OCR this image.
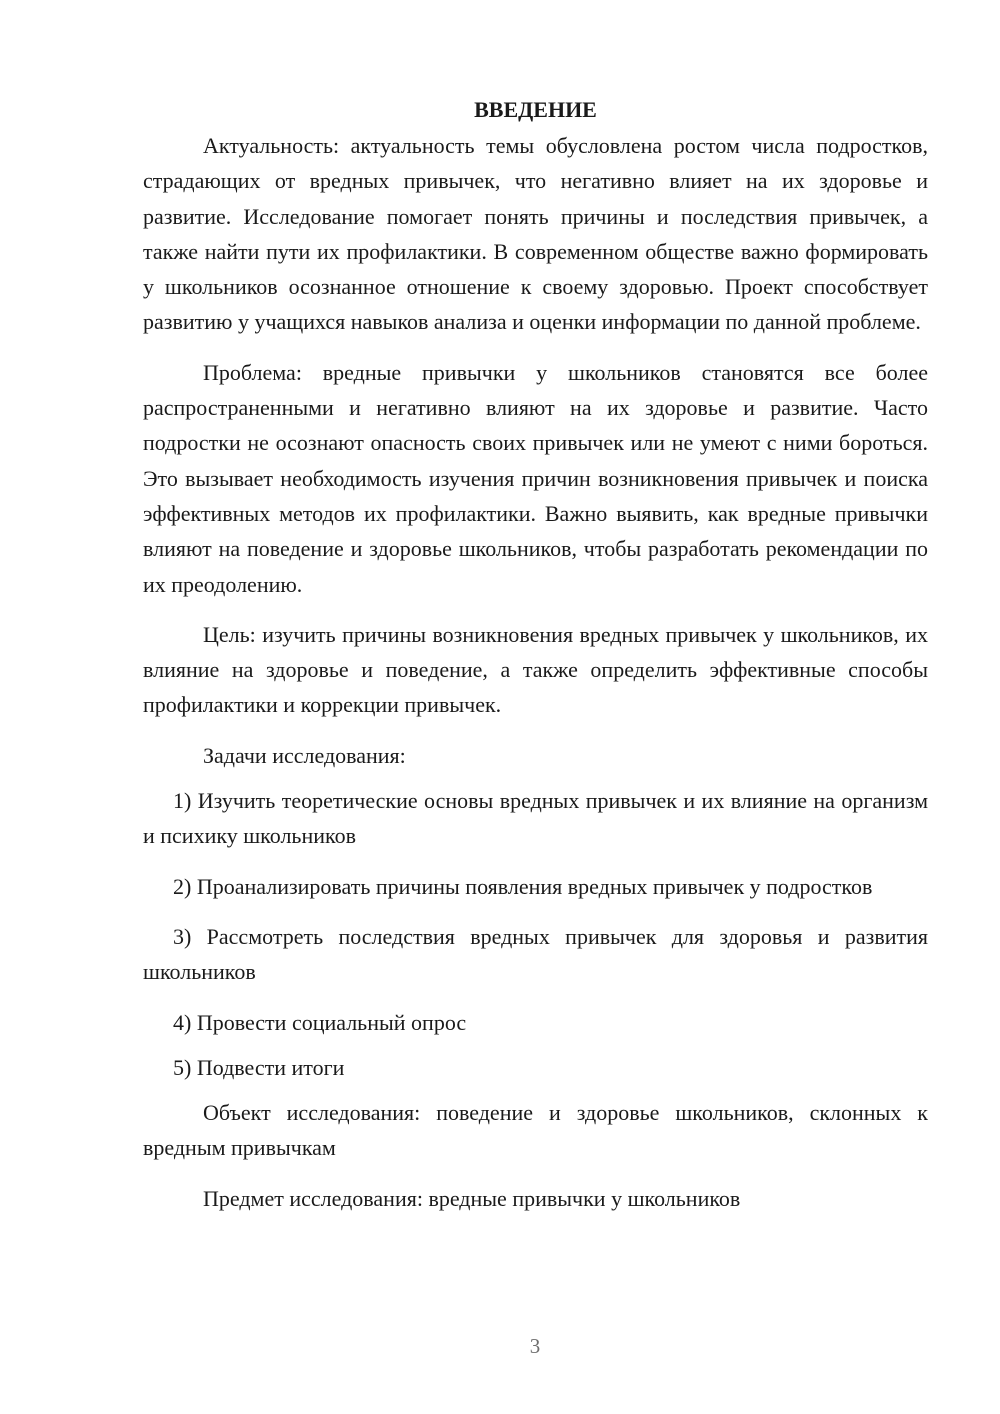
ВВЕДЕНИЕ

Актуальность: актуальность темы обусловлена ростом числа подростков, страдающих от вредных привычек, что негативно влияет на их здоровье и развитие. Исследование помогает понять причины и последствия привычек, а также найти пути их профилактики. В современном обществе важно формировать у школьников осознанное отношение к своему здоровью. Проект способствует развитию у учащихся навыков анализа и оценки информации по данной проблеме.

Проблема: вредные привычки у школьников становятся все более распространенными и негативно влияют на их здоровье и развитие. Часто подростки не осознают опасность своих привычек или не умеют с ними бороться. Это вызывает необходимость изучения причин возникновения привычек и поиска эффективных методов их профилактики. Важно выявить, как вредные привычки влияют на поведение и здоровье школьников, чтобы разработать рекомендации по их преодолению.

Цель: изучить причины возникновения вредных привычек у школьников, их влияние на здоровье и поведение, а также определить эффективные способы профилактики и коррекции привычек.

Задачи исследования:

1) Изучить теоретические основы вредных привычек и их влияние на организм и психику школьников

2) Проанализировать причины появления вредных привычек у подростков

3) Рассмотреть последствия вредных привычек для здоровья и развития школьников

4) Провести социальный опрос

5) Подвести итоги

Объект исследования: поведение и здоровье школьников, склонных к вредным привычкам

Предмет исследования: вредные привычки у школьников

3
